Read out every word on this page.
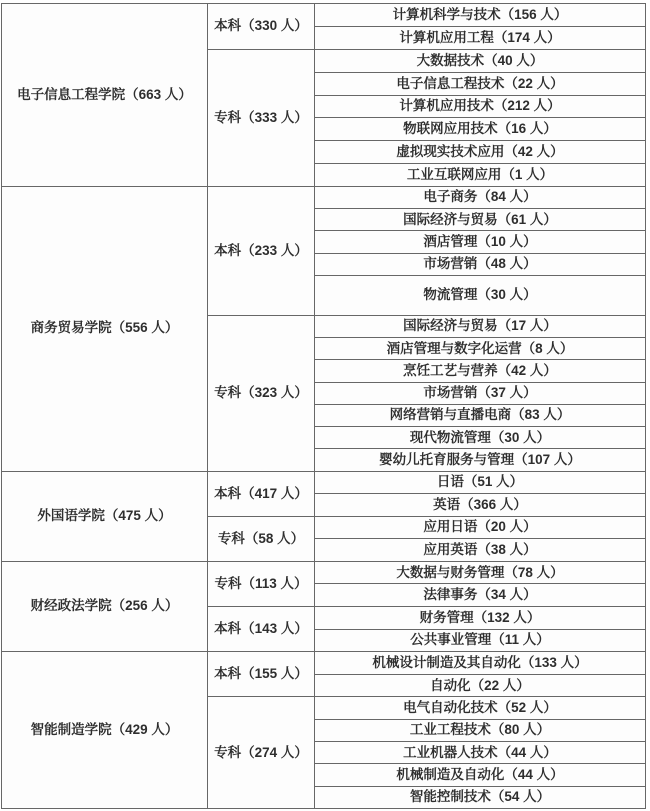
电子信息工程学院（663 人）
本科（330 人）
计算机科学与技术（156 人）
计算机应用工程（174 人）
专科（333 人）
大数据技术（40 人）
电子信息工程技术（22 人）
计算机应用技术（212 人）
物联网应用技术（16 人）
虚拟现实技术应用（42 人）
工业互联网应用（1 人）
商务贸易学院（556 人）
本科（233 人）
电子商务（84 人）
国际经济与贸易（61 人）
酒店管理（10 人）
市场营销（48 人）
物流管理（30 人）
专科（323 人）
国际经济与贸易（17 人）
酒店管理与数字化运营（8 人）
烹饪工艺与营养（42 人）
市场营销（37 人）
网络营销与直播电商（83 人）
现代物流管理（30 人）
婴幼儿托育服务与管理（107 人）
外国语学院（475 人）
本科（417 人）
日语（51 人）
英语（366 人）
专科（58 人）
应用日语（20 人）
应用英语（38 人）
财经政法学院（256 人）
专科（113 人）
大数据与财务管理（78 人）
法律事务（34 人）
本科（143 人）
财务管理（132 人）
公共事业管理（11 人）
智能制造学院（429 人）
本科（155 人）
机械设计制造及其自动化（133 人）
自动化（22 人）
专科（274 人）
电气自动化技术（52 人）
工业工程技术（80 人）
工业机器人技术（44 人）
机械制造及自动化（44 人）
智能控制技术（54 人）
